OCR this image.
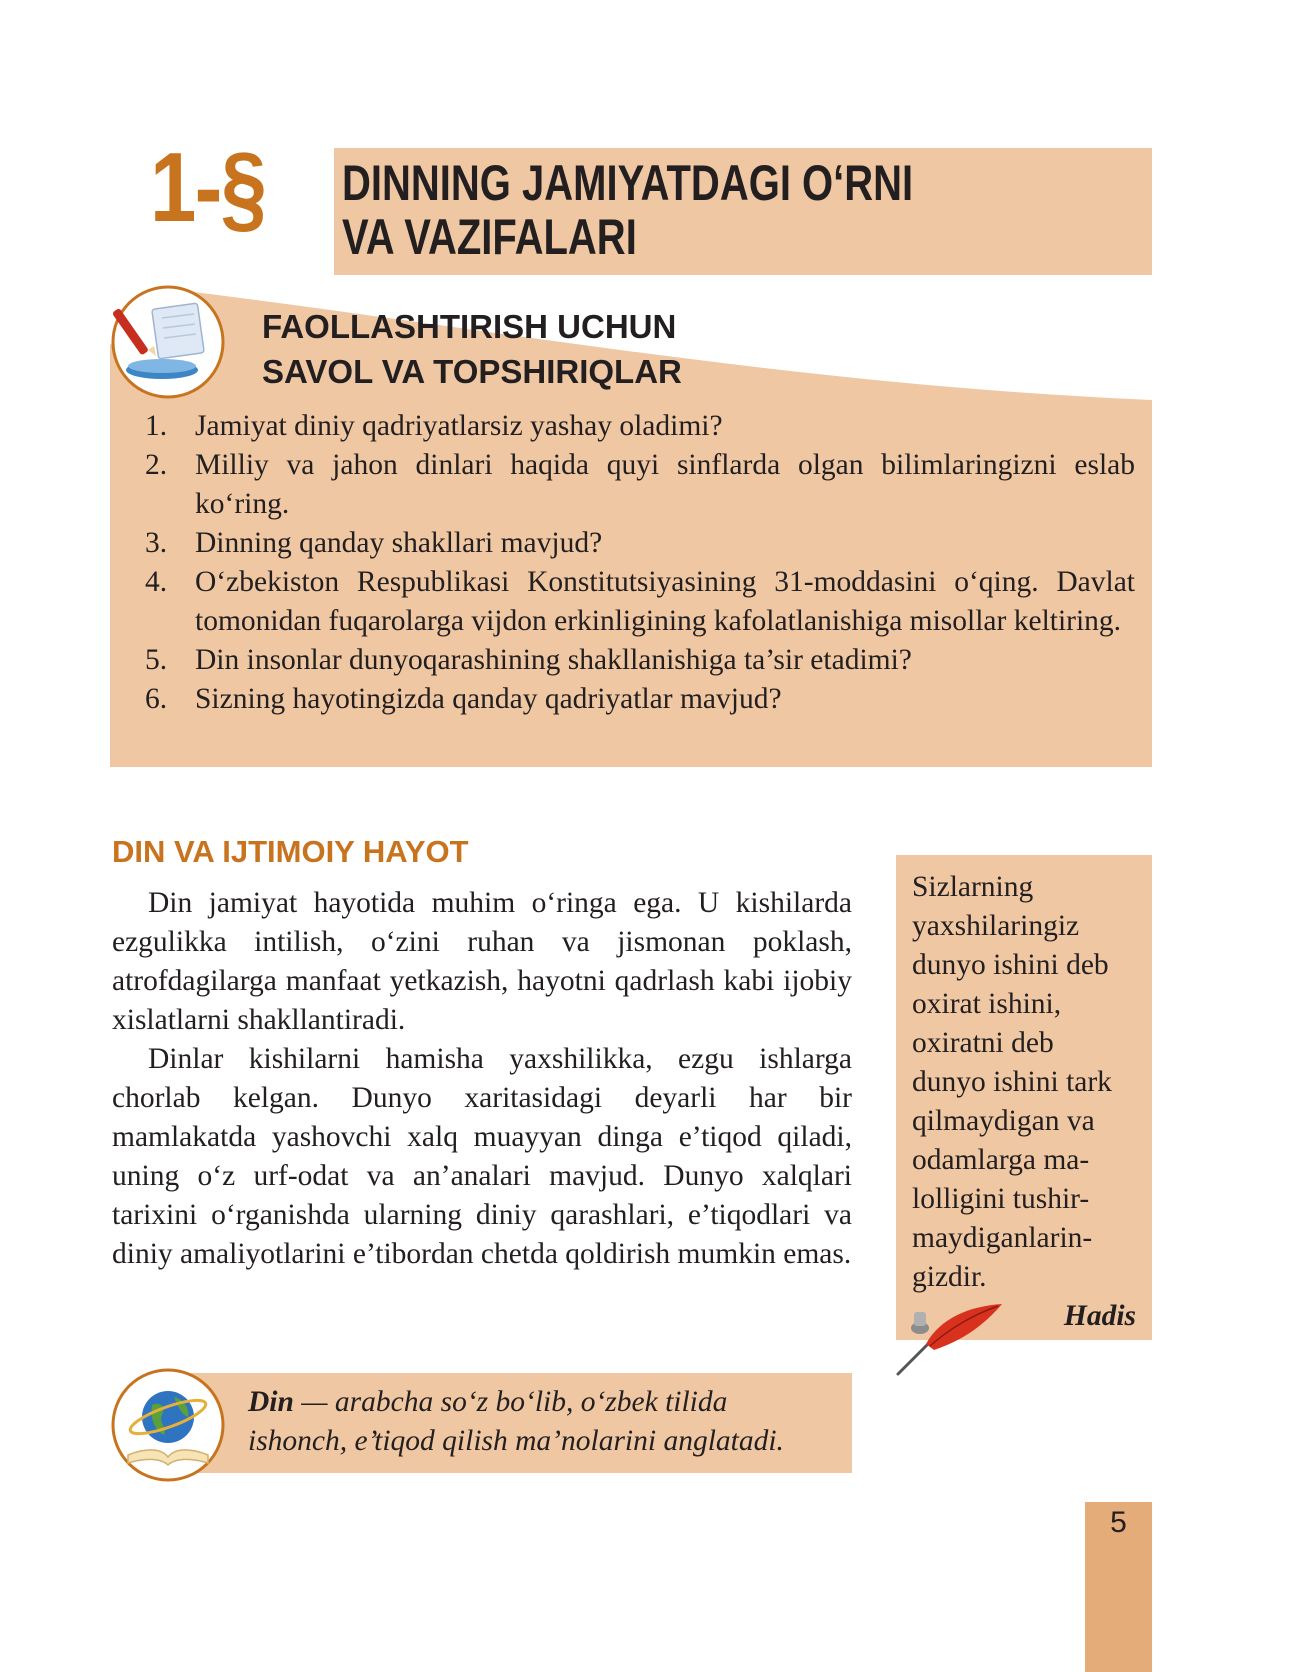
1-§	DINNING JAMIYATDAGI O‘RNI
VA VAZIFALARI
FAOLLASHTIRISH UCHUN
SAVOL VA TOPSHIRIQLAR
1. Jamiyat diniy qadriyatlarsiz yashay oladimi?
2. Milliy va jahon dinlari haqida quyi sinflarda olgan bilimlaringizni eslab ko‘ring.
3. Dinning qanday shakllari mavjud?
4. O‘zbekiston Respublikasi Konstitutsiyasining 31-moddasini o‘qing. Davlat tomonidan fuqarolarga vijdon erkinligining kafolatlanishiga misollar keltiring.
5. Din insonlar dunyoqarashining shakllanishiga ta’sir etadimi?
6. Sizning hayotingizda qanday qadriyatlar mavjud?
DIN VA IJTIMOIY HAYOT

Din jamiyat hayotida muhim o‘ringa ega. U kishilarda ezgulikka intilish, o‘zini ruhan va jismonan poklash, atrofdagilarga manfaat yetkazish, hayotni qadrlash kabi ijobiy xislatlarni shakllantiradi.

Dinlar kishilarni hamisha yaxshilikka, ezgu ishlarga chorlab kelgan. Dunyo xaritasidagi deyarli har bir mamlakatda yashovchi xalq muayyan dinga e’tiqod qiladi, uning o‘z urf-odat va an’analari mavjud. Dunyo xalqlari tarixini o‘rganishda ularning diniy qarashlari, e’tiqodlari va diniy amaliyotlarini e’tibordan chetda qoldirish mumkin emas.

Sizlarning
yaxshilaringiz
dunyo ishini deb
oxirat ishini,
oxiratni deb
dunyo ishini tark
qilmaydigan va
odamlarga ma-
lolligini tushir-
maydiganlarin-
gizdir.
Hadis
Din — arabcha so‘z bo‘lib, o‘zbek tilida
ishonch, e’tiqod qilish ma’nolarini anglatadi.
5
